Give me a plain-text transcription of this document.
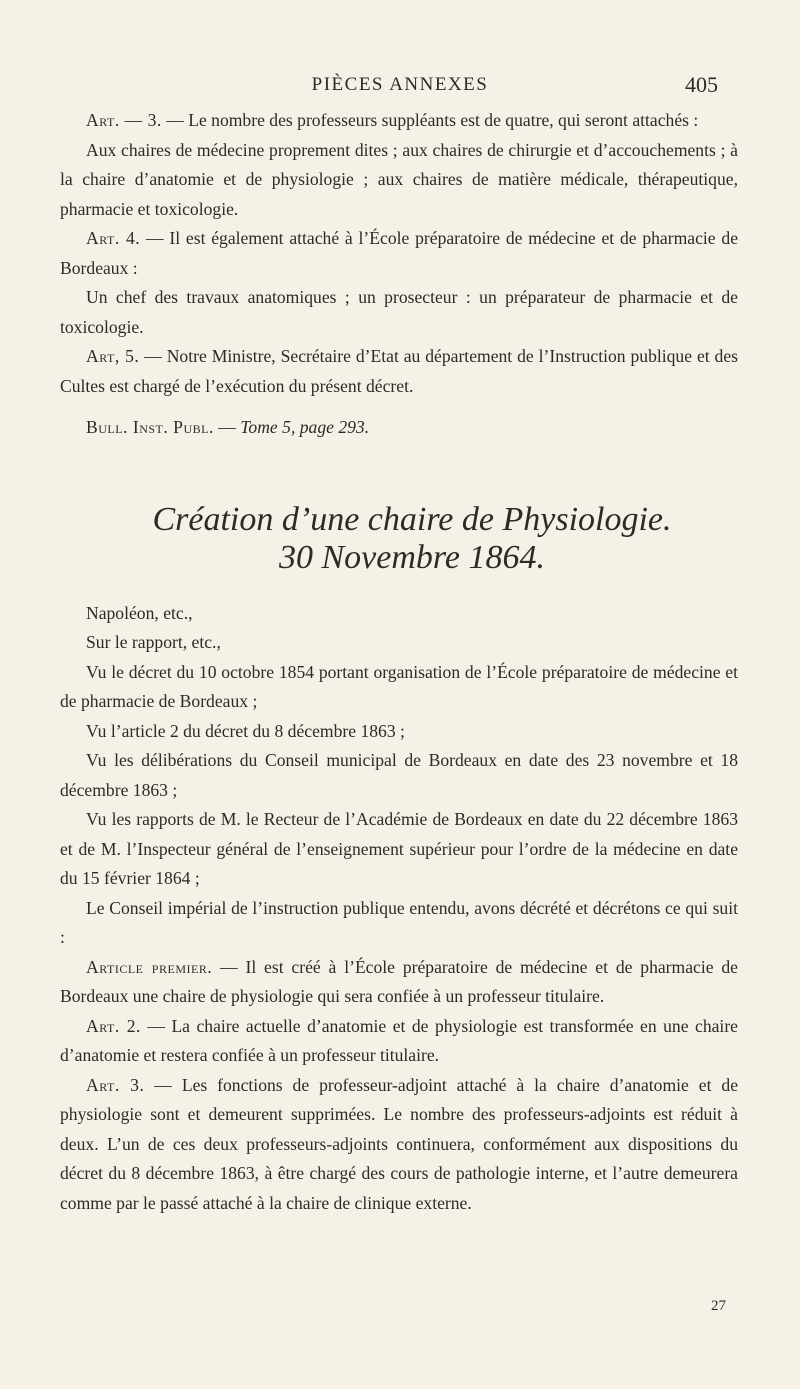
PIÈCES ANNEXES	405

Art. — 3. — Le nombre des professeurs suppléants est de quatre, qui seront attachés :

Aux chaires de médecine proprement dites ; aux chaires de chirurgie et d’accouchements ; à la chaire d’anatomie et de physiologie ; aux chaires de matière médicale, thérapeutique, pharmacie et toxicologie.

Art. 4. — Il est également attaché à l’École préparatoire de médecine et de pharmacie de Bordeaux :

Un chef des travaux anatomiques ; un prosecteur : un préparateur de pharmacie et de toxicologie.

Art, 5. — Notre Ministre, Secrétaire d’Etat au département de l’Instruction publique et des Cultes est chargé de l’exécution du présent décret.

Bull. Inst. Publ. — Tome 5, page 293.

Création d’une chaire de Physiologie.

30 Novembre 1864.

Napoléon, etc.,

Sur le rapport, etc.,

Vu le décret du 10 octobre 1854 portant organisation de l’École préparatoire de médecine et de pharmacie de Bordeaux ;

Vu l’article 2 du décret du 8 décembre 1863 ;

Vu les délibérations du Conseil municipal de Bordeaux en date des 23 novembre et 18 décembre 1863 ;

Vu les rapports de M. le Recteur de l’Académie de Bordeaux en date du 22 décembre 1863 et de M. l’Inspecteur général de l’enseignement supérieur pour l’ordre de la médecine en date du 15 février 1864 ;

Le Conseil impérial de l’instruction publique entendu, avons décrété et décrétons ce qui suit :

Article premier. — Il est créé à l’École préparatoire de médecine et de pharmacie de Bordeaux une chaire de physiologie qui sera confiée à un professeur titulaire.

Art. 2. — La chaire actuelle d’anatomie et de physiologie est transformée en une chaire d’anatomie et restera confiée à un professeur titulaire.

Art. 3. — Les fonctions de professeur-adjoint attaché à la chaire d’anatomie et de physiologie sont et demeurent supprimées. Le nombre des professeurs-adjoints est réduit à deux. L’un de ces deux professeurs-adjoints continuera, conformément aux dispositions du décret du 8 décembre 1863, à être chargé des cours de pathologie interne, et l’autre demeurera comme par le passé attaché à la chaire de clinique externe.

27
